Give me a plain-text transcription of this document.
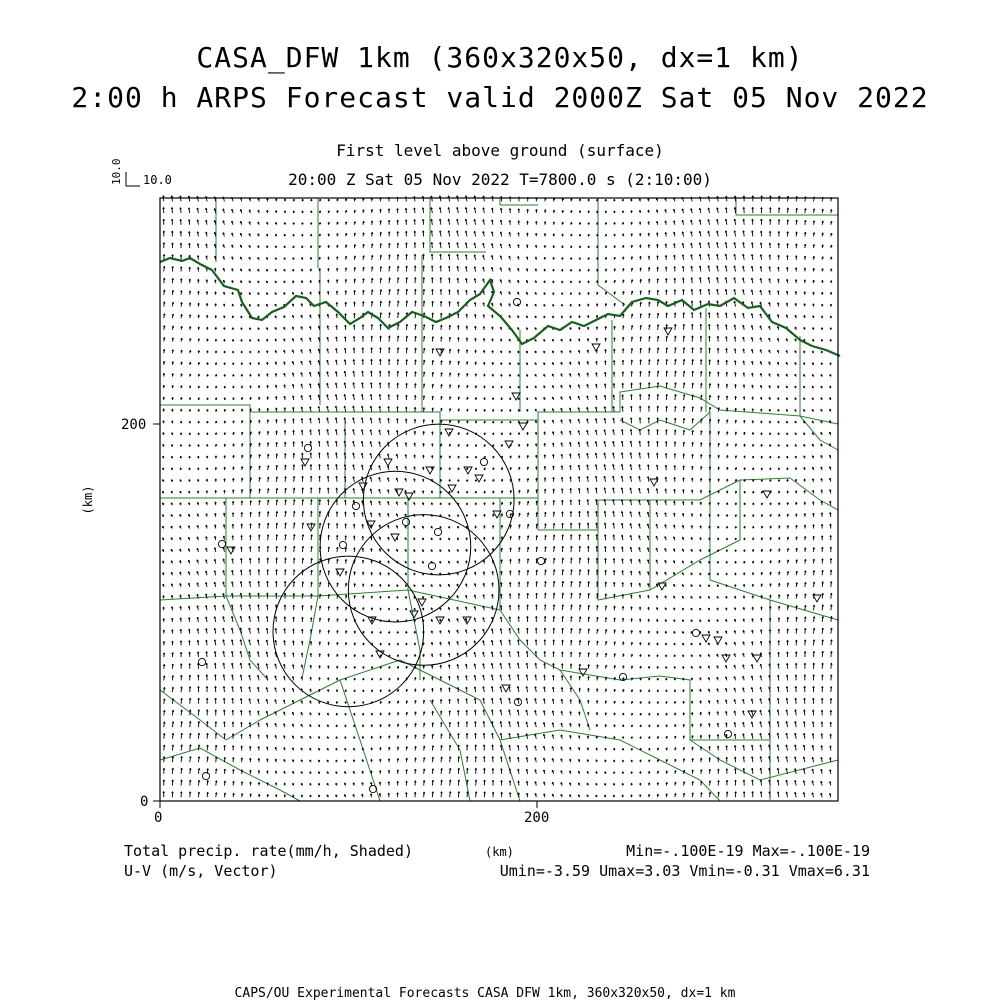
CASA_DFW 1km (360x320x50, dx=1 km)
2:00 h ARPS Forecast valid 2000Z Sat 05 Nov 2022
First level above ground (surface)
20:00 Z Sat 05 Nov 2022 T=7800.0 s (2:10:00)
10.0 10.0
0
200
0	200
(km)
Total precip. rate(mm/h, Shaded)	(km)	Min=-.100E-19 Max=-.100E-19
U-V (m/s, Vector)	Umin=-3.59 Umax=3.03 Vmin=-0.31 Vmax=6.31
CAPS/OU Experimental Forecasts CASA DFW 1km, 360x320x50, dx=1 km
